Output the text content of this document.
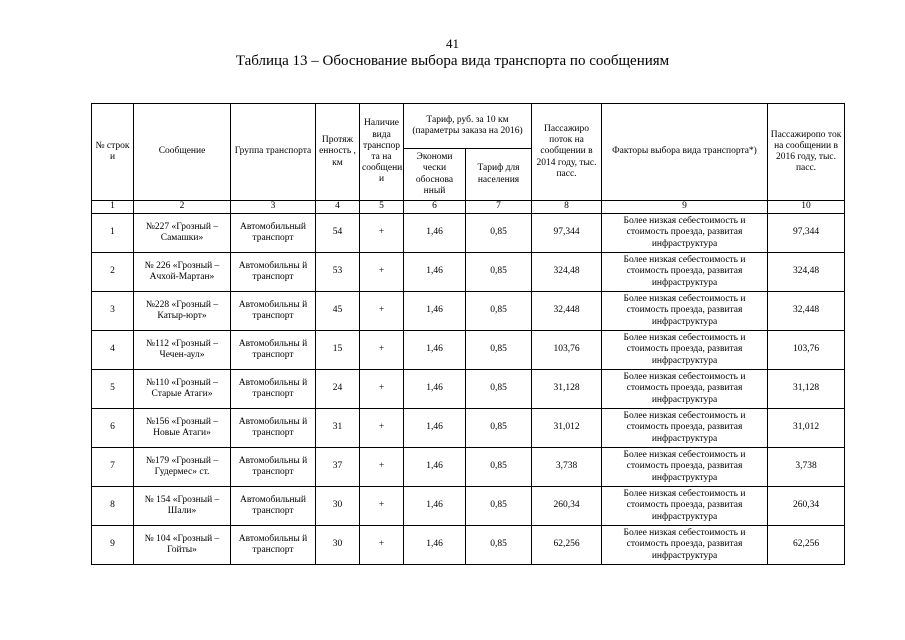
41
Таблица 13 – Обоснование выбора вида транспорта по сообщениям
№ строк и	Сообщение	Группа транспорта	Протяж енность , км	Наличие вида транспор та на сообщени и	Тариф, руб. за 10 км (параметры заказа на 2016)		Пассажиро поток на сообщении в 2014 году, тыс. пасс.	Факторы выбора вида транспорта*)	Пассажиропо ток на сообщении в 2016 году, тыс. пасс.
					Экономи чески обоснова нный	Тариф для населения			
1	2	3	4	5	6	7	8	9	10
1	№227 «Грозный – Самашки»	Автомобильный транспорт	54	+	1,46	0,85	97,344	Более низкая себестоимость и стоимость проезда, развитая инфраструктура	97,344
2	№ 226 «Грозный – Ачхой-Мартан»	Автомобильны й транспорт	53	+	1,46	0,85	324,48	Более низкая себестоимость и стоимость проезда, развитая инфраструктура	324,48
3	№228 «Грозный – Катыр-юрт»	Автомобильны й транспорт	45	+	1,46	0,85	32,448	Более низкая себестоимость и стоимость проезда, развитая инфраструктура	32,448
4	№112 «Грозный – Чечен-аул»	Автомобильны й транспорт	15	+	1,46	0,85	103,76	Более низкая себестоимость и стоимость проезда, развитая инфраструктура	103,76
5	№110 «Грозный – Старые Атаги»	Автомобильны й транспорт	24	+	1,46	0,85	31,128	Более низкая себестоимость и стоимость проезда, развитая инфраструктура	31,128
6	№156 «Грозный – Новые Атаги»	Автомобильны й транспорт	31	+	1,46	0,85	31,012	Более низкая себестоимость и стоимость проезда, развитая инфраструктура	31,012
7	№179 «Грозный – Гудермес» ст.	Автомобильны й транспорт	37	+	1,46	0,85	3,738	Более низкая себестоимость и стоимость проезда, развитая инфраструктура	3,738
8	№ 154 «Грозный – Шали»	Автомобильный транспорт	30	+	1,46	0,85	260,34	Более низкая себестоимость и стоимость проезда, развитая инфраструктура	260,34
9	№ 104 «Грозный – Гойты»	Автомобильны й транспорт	30	+	1,46	0,85	62,256	Более низкая себестоимость и стоимость проезда, развитая инфраструктура	62,256
